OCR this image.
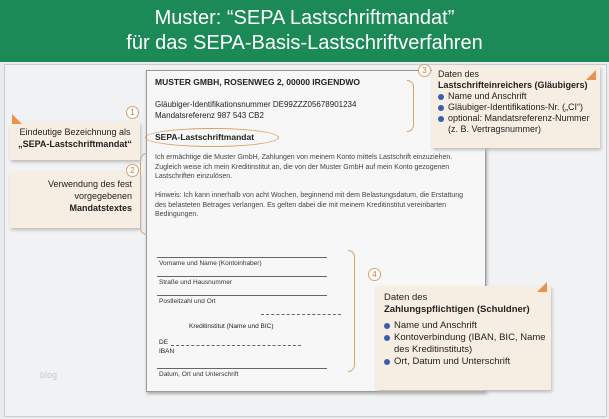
Muster: “SEPA Lastschriftmandat”
für das SEPA-Basis-Lastschriftverfahren
blog
MUSTER GMBH, ROSENWEG 2, 00000 IRGENDWO
Gläubiger-Identifikationsnummer DE99ZZZ05678901234
Mandatsreferenz 987 543 CB2
SEPA-Lastschriftmandat
Ich ermächtige die Muster GmbH, Zahlungen von meinem Konto mittels Lastschrift einzuziehen. Zugleich weise ich mein Kreditinstitut an, die von der Muster GmbH auf mein Konto gezogenen Lastschriften einzulösen.
Hinweis: Ich kann innerhalb von acht Wochen, beginnend mit dem Belastungsdatum, die Erstattung des belasteten Betrages verlangen. Es gelten dabei die mit meinem Kreditinstitut vereinbarten Bedingungen.
Vorname und Name (Kontoinhaber)
Straße und Hausnummer
Postleitzahl und Ort
Kreditinstitut (Name und BIC)
DE
IBAN
Datum, Ort und Unterschrift
1
Eindeutige Bezeichnung als
„SEPA-Lastschriftmandat“
2
Verwendung des fest vorgegebenen
Mandatstextes
3	Daten des
Lastschrifteinreichers (Gläubigers)
Name und Anschrift
Gläubiger-Identifikations-Nr. („CI“)
optional: Mandatsreferenz-Nummer (z. B. Vertragsnummer)
4
Daten des
Zahlungspflichtigen (Schuldner)
Name und Anschrift
Kontoverbindung (IBAN, BIC, Name des Kreditinstituts)
Ort, Datum und Unterschrift
